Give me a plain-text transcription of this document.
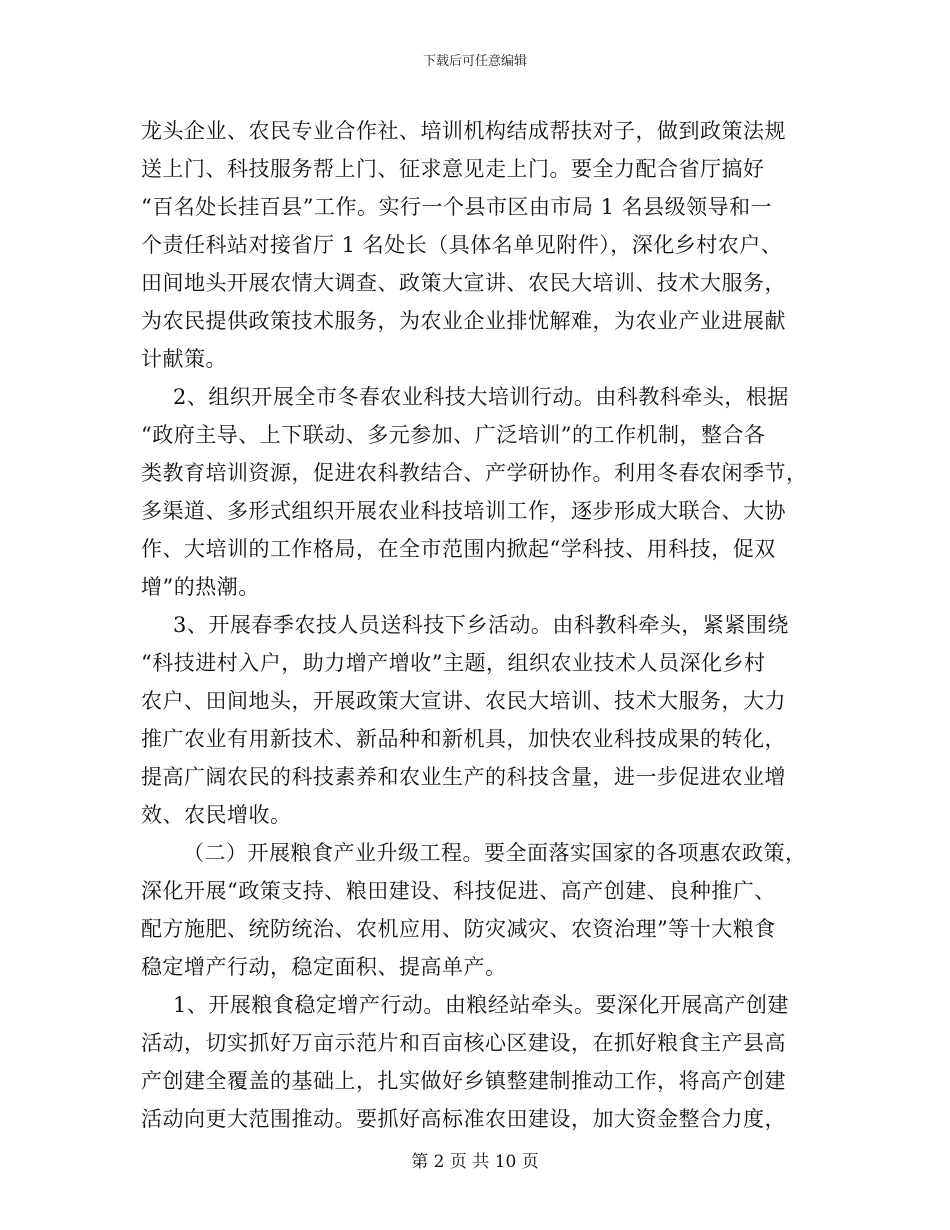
下载后可任意编辑
龙头企业、农民专业合作社、培训机构结成帮扶对子，做到政策法规
送上门、科技服务帮上门、征求意见走上门。要全力配合省厅搞好
“百名处长挂百县”工作。实行一个县市区由市局 1 名县级领导和一
个责任科站对接省厅 1 名处长（具体名单见附件），深化乡村农户、
田间地头开展农情大调查、政策大宣讲、农民大培训、技术大服务，
为农民提供政策技术服务，为农业企业排忧解难，为农业产业进展献
计献策。
2、组织开展全市冬春农业科技大培训行动。由科教科牵头，根据
“政府主导、上下联动、多元参加、广泛培训”的工作机制，整合各
类教育培训资源，促进农科教结合、产学研协作。利用冬春农闲季节，
多渠道、多形式组织开展农业科技培训工作，逐步形成大联合、大协
作、大培训的工作格局，在全市范围内掀起“学科技、用科技，促双
增”的热潮。
3、开展春季农技人员送科技下乡活动。由科教科牵头，紧紧围绕
“科技进村入户，助力增产增收”主题，组织农业技术人员深化乡村
农户、田间地头，开展政策大宣讲、农民大培训、技术大服务，大力
推广农业有用新技术、新品种和新机具，加快农业科技成果的转化，
提高广阔农民的科技素养和农业生产的科技含量，进一步促进农业增
效、农民增收。
（二）开展粮食产业升级工程。要全面落实国家的各项惠农政策，
深化开展“政策支持、粮田建设、科技促进、高产创建、良种推广、
配方施肥、统防统治、农机应用、防灾减灾、农资治理”等十大粮食
稳定增产行动，稳定面积、提高单产。
1、开展粮食稳定增产行动。由粮经站牵头。要深化开展高产创建
活动，切实抓好万亩示范片和百亩核心区建设，在抓好粮食主产县高
产创建全覆盖的基础上，扎实做好乡镇整建制推动工作，将高产创建
活动向更大范围推动。要抓好高标准农田建设，加大资金整合力度，
第 2 页 共 10 页
